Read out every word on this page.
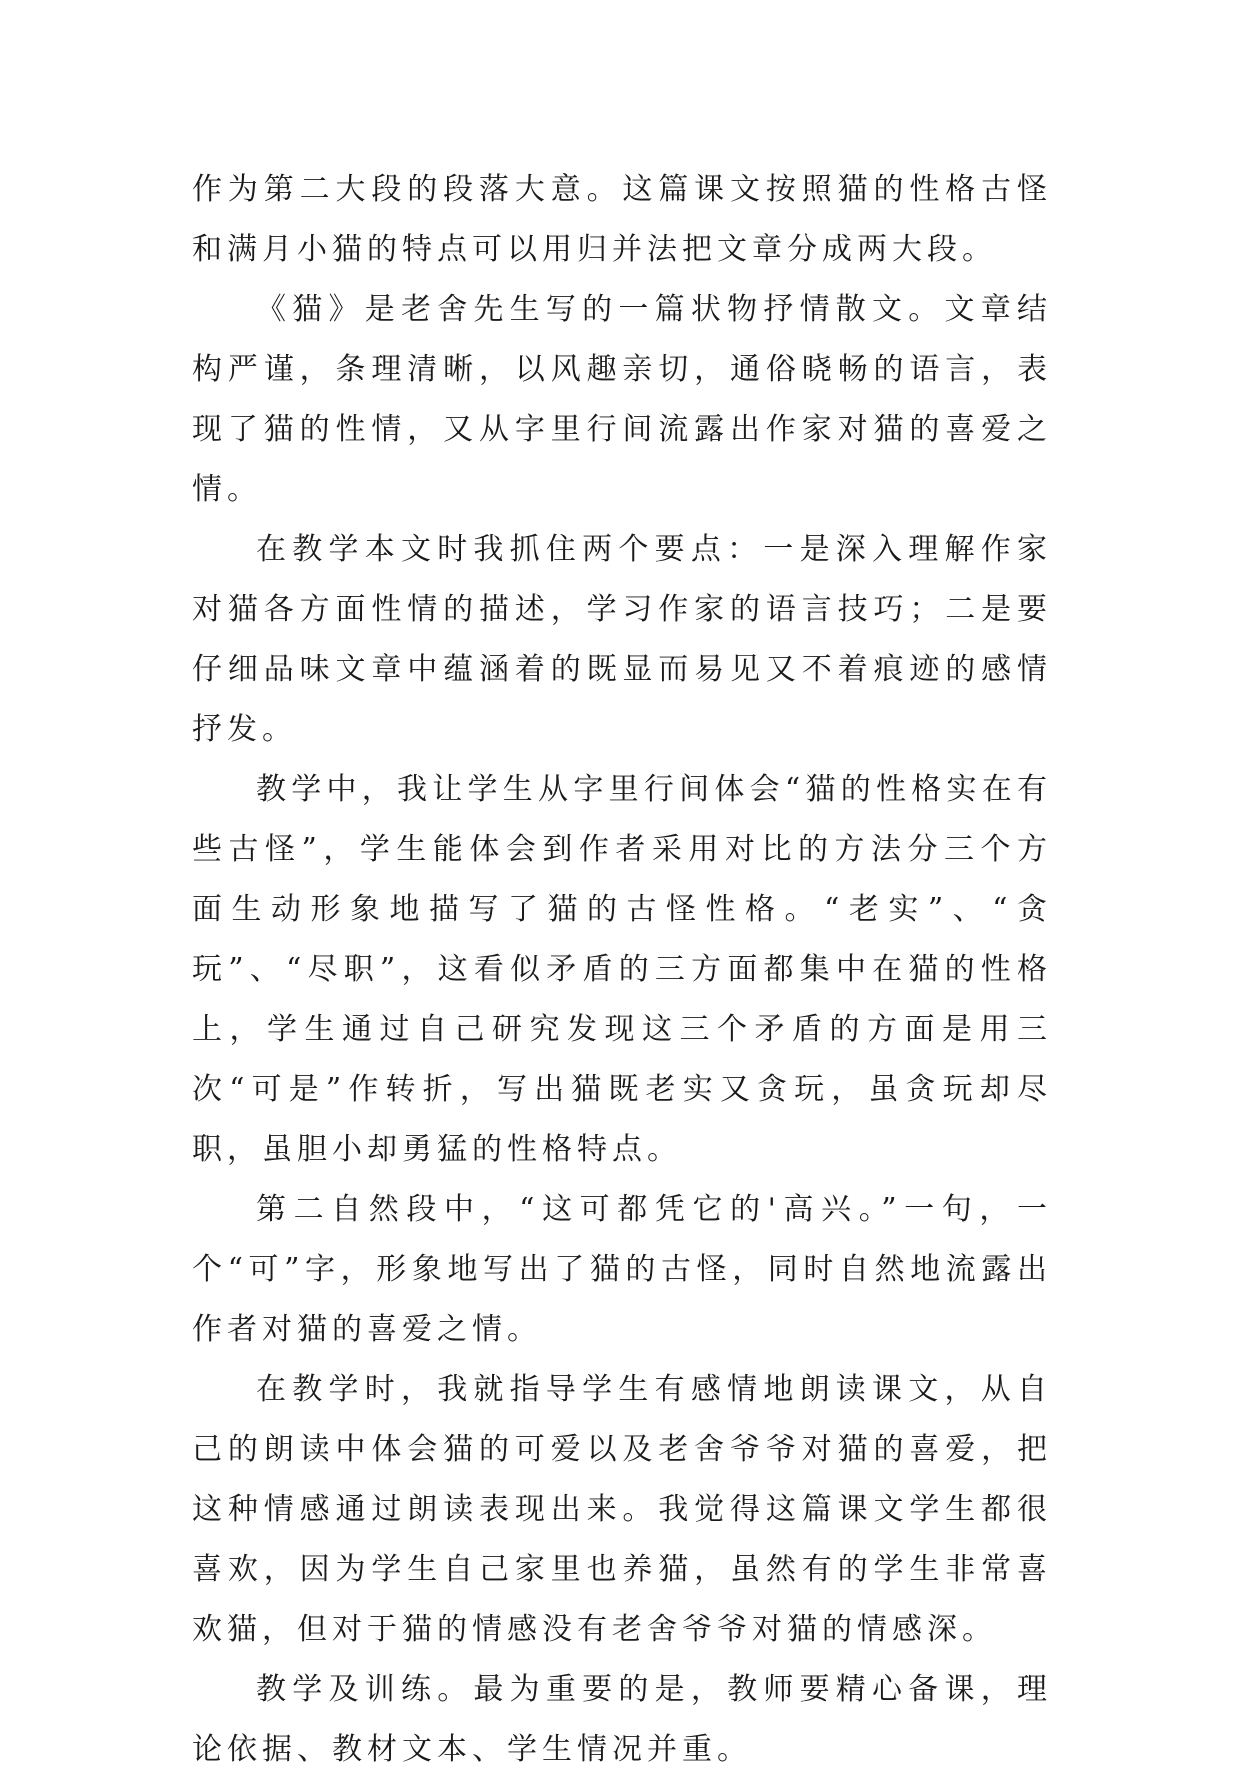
作为第二大段的段落大意。这篇课文按照猫的性格古怪和满月小猫的特点可以用归并法把文章分成两大段。

《猫》是老舍先生写的一篇状物抒情散文。文章结构严谨，条理清晰，以风趣亲切，通俗晓畅的语言，表现了猫的性情，又从字里行间流露出作家对猫的喜爱之情。

在教学本文时我抓住两个要点：一是深入理解作家对猫各方面性情的描述，学习作家的语言技巧；二是要仔细品味文章中蕴涵着的既显而易见又不着痕迹的感情抒发。

教学中，我让学生从字里行间体会“猫的性格实在有些古怪”，学生能体会到作者采用对比的方法分三个方面生动形象地描写了猫的古怪性格。“老实”、“贪玩”、“尽职”，这看似矛盾的三方面都集中在猫的性格上，学生通过自己研究发现这三个矛盾的方面是用三次“可是”作转折，写出猫既老实又贪玩，虽贪玩却尽职，虽胆小却勇猛的性格特点。

第二自然段中，“这可都凭它的'高兴。”一句，一个“可”字，形象地写出了猫的古怪，同时自然地流露出作者对猫的喜爱之情。

在教学时，我就指导学生有感情地朗读课文，从自己的朗读中体会猫的可爱以及老舍爷爷对猫的喜爱，把这种情感通过朗读表现出来。我觉得这篇课文学生都很喜欢，因为学生自己家里也养猫，虽然有的学生非常喜欢猫，但对于猫的情感没有老舍爷爷对猫的情感深。

教学及训练。最为重要的是，教师要精心备课，理论依据、教材文本、学生情况并重。
